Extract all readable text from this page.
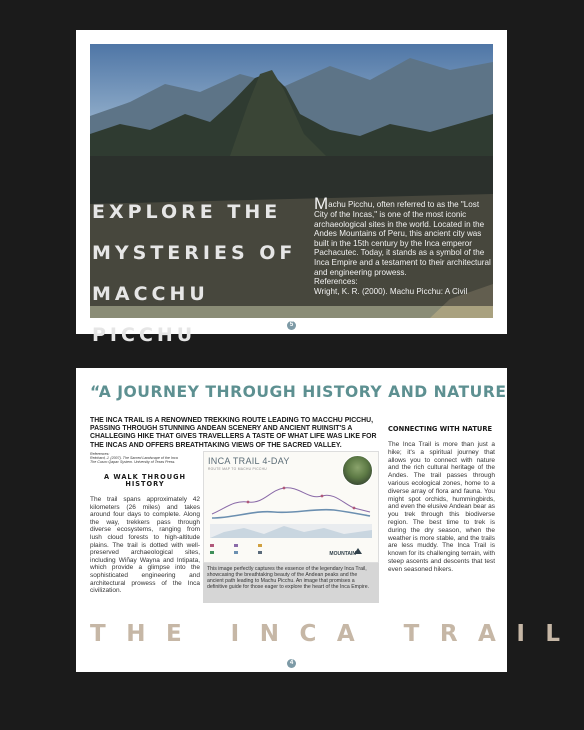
EXPLORE THE
MYSTERIES OF
MACCHU PICCHU

Machu Picchu, often referred to as the "Lost City of the Incas," is one of the most iconic archaeological sites in the world. Located in the Andes Mountains of Peru, this ancient city was built in the 15th century by the Inca emperor Pachacutec. Today, it stands as a symbol of the Inca Empire and a testament to their architectural and engineering prowess.

References:

Wright, K. R. (2000). Machu Picchu: A Civil

5
“A JOURNEY THROUGH HISTORY AND NATURE
THE INCA TRAIL IS A RENOWNED TREKKING ROUTE LEADING TO MACCHU PICCHU, PASSING THROUGH STUNNING ANDEAN SCENERY AND ANCIENT RUINSIT'S A CHALLEGING HIKE THAT GIVES TRAVELLERS A TASTE OF WHAT LIFE WAS LIKE FOR THE INCAS AND OFFERS BREATHTAKING VIEWS OF THE SACRED VALLEY.
References:
Reinhard, J. (2007). The Sacred Landscape of the Inca
The Cusco Qapac System. University of Texas Press.
A WALK THROUGH HISTORY
The trail spans approximately 42 kilometers (26 miles) and takes around four days to complete. Along the way, trekkers pass through diverse ecosystems, ranging from lush cloud forests to high-altitude plains. The trail is dotted with well-preserved archaeological sites, including Wiñay Wayna and Intipata, which provide a glimpse into the sophisticated engineering and architectural prowess of the Inca civilization.
INCA TRAIL 4-DAY
ROUTE MAP TO MACHU PICCHU
MOUNTAIN
This image perfectly captures the essence of the legendary Inca Trail, showcasing the breathtaking beauty of the Andean peaks and the ancient path leading to Machu Picchu. An image that promises a definitive guide for those eager to explore the heart of the Inca Empire.
CONNECTING WITH NATURE
The Inca Trail is more than just a hike; it's a spiritual journey that allows you to connect with nature and the rich cultural heritage of the Andes. The trail passes through various ecological zones, home to a diverse array of flora and fauna. You might spot orchids, hummingbirds, and even the elusive Andean bear as you trek through this biodiverse region. The best time to trek is during the dry season, when the weather is more stable, and the trails are less muddy. The Inca Trail is known for its challenging terrain, with steep ascents and descents that test even seasoned hikers.
THE INCA TRAIL
4
